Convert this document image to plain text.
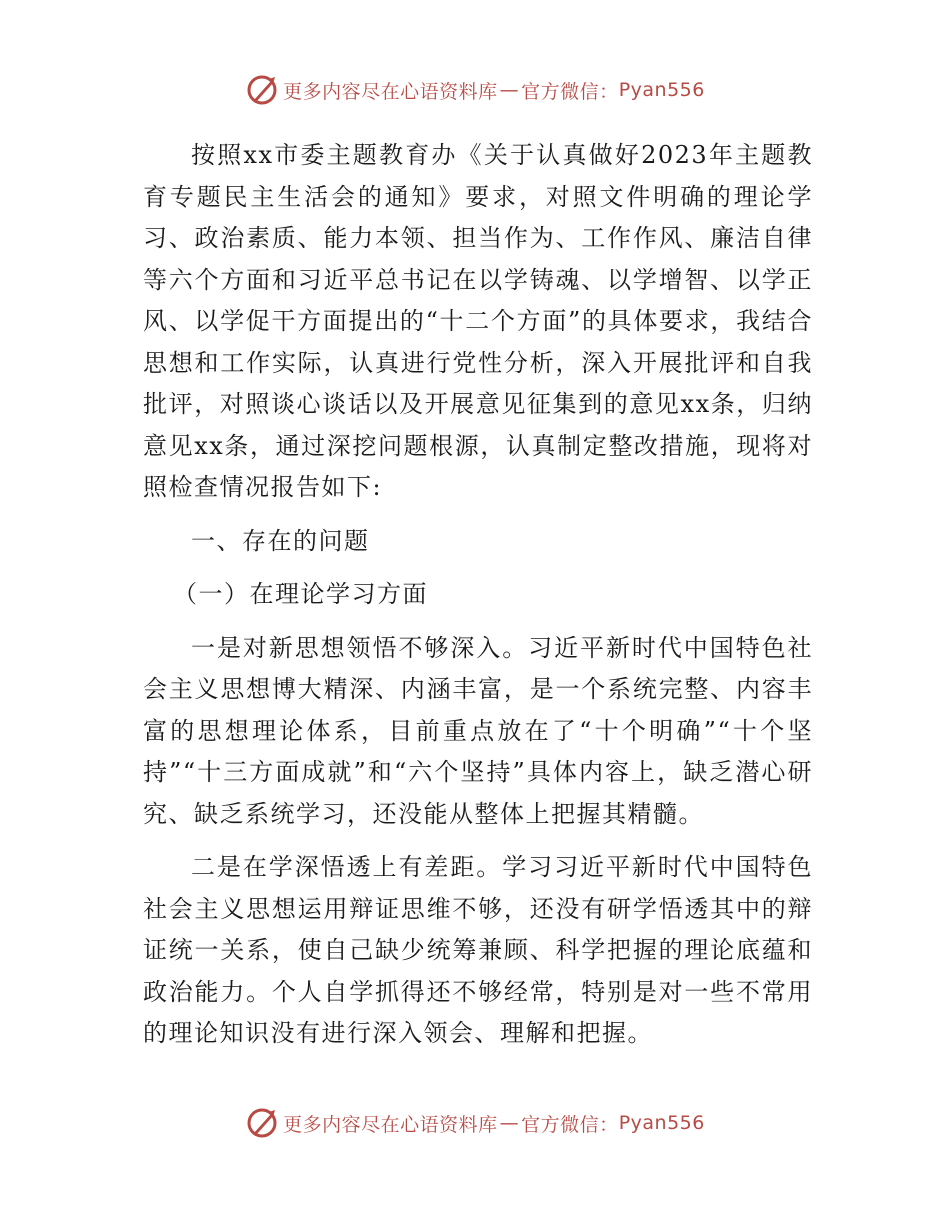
更多内容尽在心语资料库 — 官方微信： Pyan556

按照xx市委主题教育办《关于认真做好2023年主题教育专题民主生活会的通知》要求，对照文件明确的理论学习、政治素质、能力本领、担当作为、工作作风、廉洁自律等六个方面和习近平总书记在以学铸魂、以学增智、以学正风、以学促干方面提出的“十二个方面”的具体要求，我结合思想和工作实际，认真进行党性分析，深入开展批评和自我批评，对照谈心谈话以及开展意见征集到的意见xx条，归纳意见xx条，通过深挖问题根源，认真制定整改措施，现将对照检查情况报告如下:

一、存在的问题

（一）在理论学习方面

一是对新思想领悟不够深入。习近平新时代中国特色社会主义思想博大精深、内涵丰富，是一个系统完整、内容丰富的思想理论体系，目前重点放在了“十个明确”“十个坚持”“十三方面成就”和“六个坚持”具体内容上，缺乏潜心研究、缺乏系统学习，还没能从整体上把握其精髓。

二是在学深悟透上有差距。学习习近平新时代中国特色社会主义思想运用辩证思维不够，还没有研学悟透其中的辩证统一关系，使自己缺少统筹兼顾、科学把握的理论底蕴和政治能力。个人自学抓得还不够经常，特别是对一些不常用的理论知识没有进行深入领会、理解和把握。

更多内容尽在心语资料库 — 官方微信： Pyan556
